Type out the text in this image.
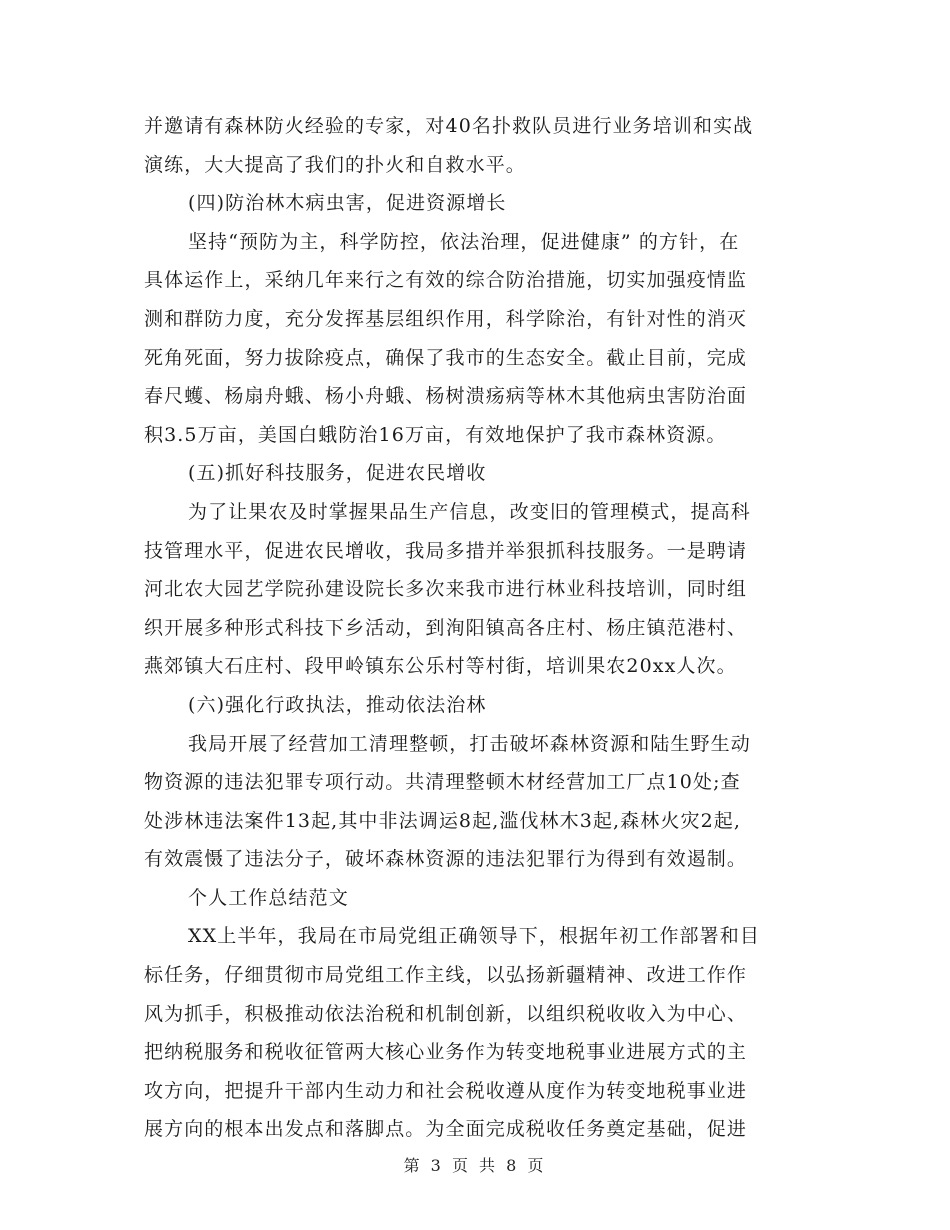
并邀请有森林防火经验的专家，对40名扑救队员进行业务培训和实战
演练，大大提高了我们的扑火和自救水平。
(四)防治林木病虫害，促进资源增长
坚持“预防为主，科学防控，依法治理，促进健康” 的方针，在
具体运作上，采纳几年来行之有效的综合防治措施，切实加强疫情监
测和群防力度，充分发挥基层组织作用，科学除治，有针对性的消灭
死角死面，努力拔除疫点，确保了我市的生态安全。截止目前，完成
春尺蠖、杨扇舟蛾、杨小舟蛾、杨树溃疡病等林木其他病虫害防治面
积3.5万亩，美国白蛾防治16万亩，有效地保护了我市森林资源。
(五)抓好科技服务，促进农民增收
为了让果农及时掌握果品生产信息，改变旧的管理模式，提高科
技管理水平，促进农民增收，我局多措并举狠抓科技服务。一是聘请
河北农大园艺学院孙建设院长多次来我市进行林业科技培训，同时组
织开展多种形式科技下乡活动，到洵阳镇高各庄村、杨庄镇范港村、
燕郊镇大石庄村、段甲岭镇东公乐村等村街，培训果农20xx人次。
(六)强化行政执法，推动依法治林
我局开展了经营加工清理整顿，打击破坏森林资源和陆生野生动
物资源的违法犯罪专项行动。共清理整顿木材经营加工厂点10处;查
处涉林违法案件13起,其中非法调运8起,滥伐林木3起,森林火灾2起,
有效震慑了违法分子，破坏森林资源的违法犯罪行为得到有效遏制。
个人工作总结范文
XX上半年，我局在市局党组正确领导下，根据年初工作部署和目
标任务，仔细贯彻市局党组工作主线，以弘扬新疆精神、改进工作作
风为抓手，积极推动依法治税和机制创新，以组织税收收入为中心、
把纳税服务和税收征管两大核心业务作为转变地税事业进展方式的主
攻方向，把提升干部内生动力和社会税收遵从度作为转变地税事业进
展方向的根本出发点和落脚点。为全面完成税收任务奠定基础，促进
第 3 页 共 8 页
